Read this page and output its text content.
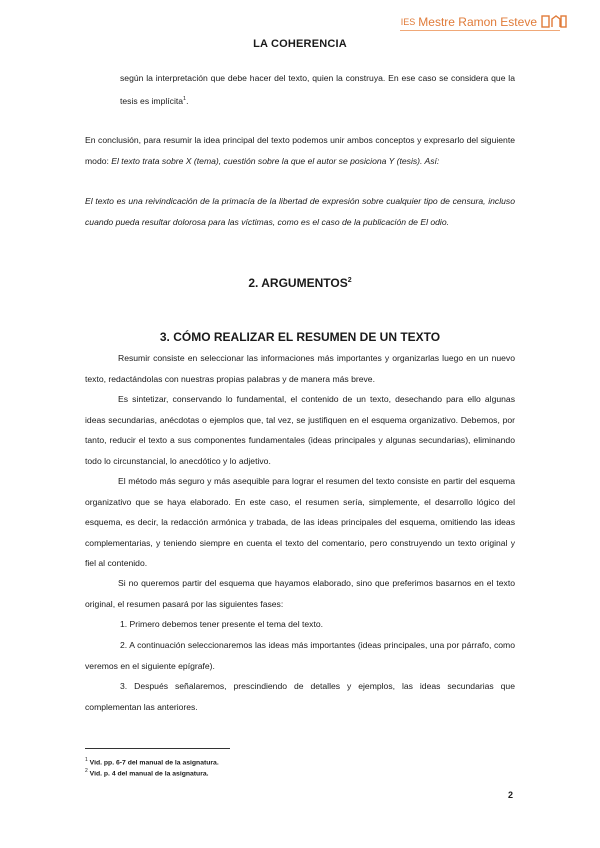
LA COHERENCIA
IES Mestre Ramon Esteve

según la interpretación que debe hacer del texto, quien la construya. En ese caso se considera que la tesis es implícita$^1$.

En conclusión, para resumir la idea principal del texto podemos unir ambos conceptos y expresarlo del siguiente modo: El texto trata sobre X (tema), cuestión sobre la que el autor se posiciona Y (tesis). Así:

El texto es una reivindicación de la primacía de la libertad de expresión sobre cualquier tipo de censura, incluso cuando pueda resultar dolorosa para las víctimas, como es el caso de la publicación de El odio.

2. ARGUMENTOS$^2$
3. CÓMO REALIZAR EL RESUMEN DE UN TEXTO

Resumir consiste en seleccionar las informaciones más importantes y organizarlas luego en un nuevo texto, redactándolas con nuestras propias palabras y de manera más breve.

Es sintetizar, conservando lo fundamental, el contenido de un texto, desechando para ello algunas ideas secundarias, anécdotas o ejemplos que, tal vez, se justifiquen en el esquema organizativo. Debemos, por tanto, reducir el texto a sus componentes fundamentales (ideas principales y algunas secundarias), eliminando todo lo circunstancial, lo anecdótico y lo adjetivo.

El método más seguro y más asequible para lograr el resumen del texto consiste en partir del esquema organizativo que se haya elaborado. En este caso, el resumen sería, simplemente, el desarrollo lógico del esquema, es decir, la redacción armónica y trabada, de las ideas principales del esquema, omitiendo las ideas complementarias, y teniendo siempre en cuenta el texto del comentario, pero construyendo un texto original y fiel al contenido.

Si no queremos partir del esquema que hayamos elaborado, sino que preferimos basarnos en el texto original, el resumen pasará por las siguientes fases:

1. Primero debemos tener presente el tema del texto.

2. A continuación seleccionaremos las ideas más importantes (ideas principales, una por párrafo, como veremos en el siguiente epígrafe).

3. Después señalaremos, prescindiendo de detalles y ejemplos, las ideas secundarias que complementan las anteriores.

$^1$ Vid. pp. 6-7 del manual de la asignatura.
$^2$ Vid. p. 4 del manual de la asignatura.
2
